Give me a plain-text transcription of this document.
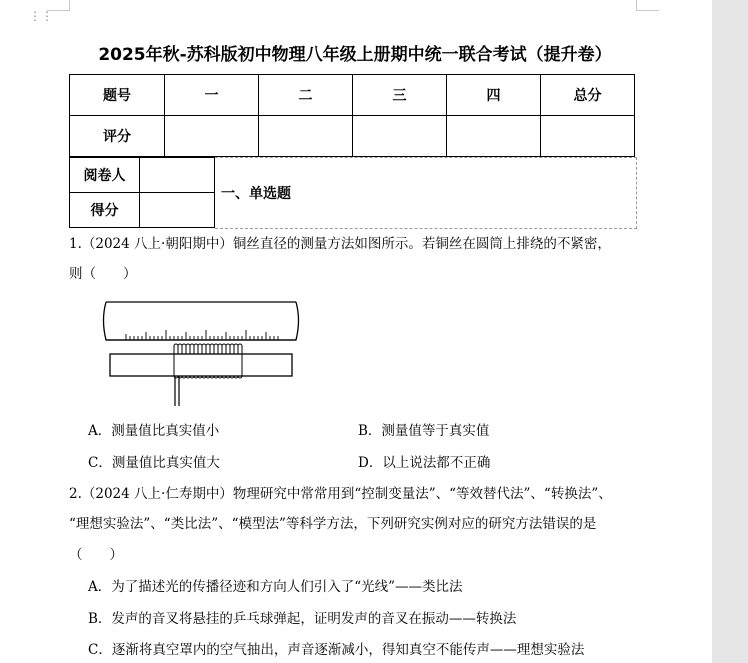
⋮⋮
2025年秋-苏科版初中物理八年级上册期中统一联合考试（提升卷）
题号	一	二	三	四	总分
评分					
阅卷人	
得分	
一、单选题
1.（2024 八上·朝阳期中）铜丝直径的测量方法如图所示。若铜丝在圆筒上排绕的不紧密，
则（　　）
A．测量值比真实值小	B．测量值等于真实值
C．测量值比真实值大	D．以上说法都不正确
2.（2024 八上·仁寿期中）物理研究中常常用到“控制变量法”、“等效替代法”、“转换法”、
“理想实验法”、“类比法”、“模型法”等科学方法，下列研究实例对应的研究方法错误的是
（　　）
A．为了描述光的传播径迹和方向人们引入了“光线”——类比法
B．发声的音叉将悬挂的乒乓球弹起，证明发声的音叉在振动——转换法
C．逐渐将真空罩内的空气抽出，声音逐渐减小，得知真空不能传声——理想实验法
